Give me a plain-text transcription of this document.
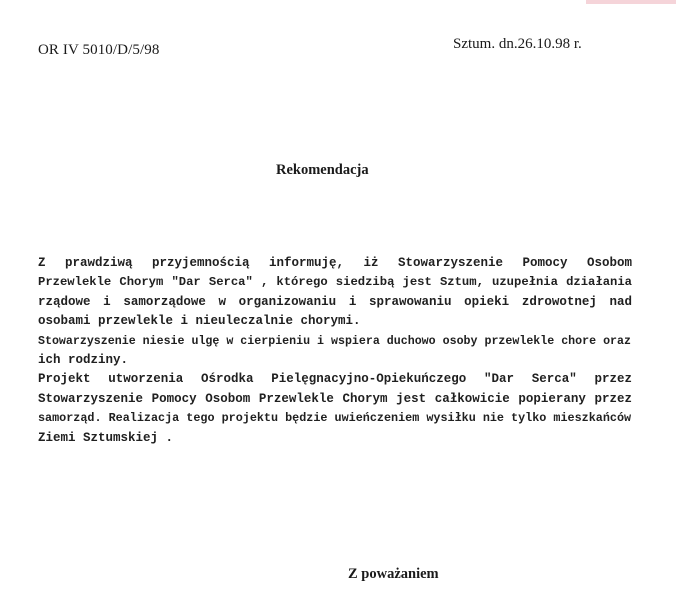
OR IV 5010/D/5/98	Sztum. dn.26.10.98 r.
Rekomendacja
Z prawdziwą przyjemnością informuję, iż Stowarzyszenie Pomocy Osobom
Przewlekle Chorym "Dar Serca" , którego siedzibą jest Sztum, uzupełnia działania
rządowe i samorządowe w organizowaniu i sprawowaniu opieki zdrowotnej nad
osobami przewlekle i nieuleczalnie chorymi.
Stowarzyszenie niesie ulgę w cierpieniu i wspiera duchowo osoby przewlekle chore oraz
ich rodziny.
Projekt utworzenia Ośrodka Pielęgnacyjno-Opiekuńczego "Dar Serca" przez
Stowarzyszenie Pomocy Osobom Przewlekle Chorym jest całkowicie popierany przez
samorząd. Realizacja tego projektu będzie uwieńczeniem wysiłku nie tylko mieszkańców
Ziemi Sztumskiej .
Z poważaniem
